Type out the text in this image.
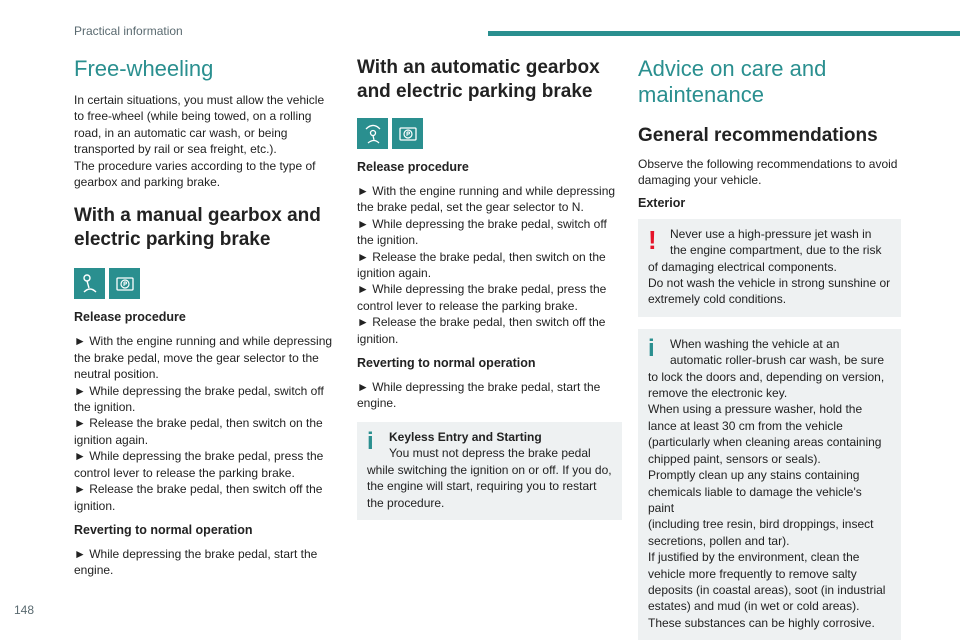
Practical information
148
Free-wheeling
In certain situations, you must allow the vehicle
to free-wheel (while being towed, on a rolling
road, in an automatic car wash, or being
transported by rail or sea freight, etc.).
The procedure varies according to the type of
gearbox and parking brake.
With a manual gearbox and
electric parking brake
Release procedure
► With the engine running and while depressing
the brake pedal, move the gear selector to the
neutral position.
► While depressing the brake pedal, switch off
the ignition.
► Release the brake pedal, then switch on the
ignition again.
► While depressing the brake pedal, press the
control lever to release the parking brake.
► Release the brake pedal, then switch off the
ignition.
Reverting to normal operation
► While depressing the brake pedal, start the
engine.
With an automatic gearbox
and electric parking brake
Release procedure
► With the engine running and while depressing
the brake pedal, set the gear selector to N.
► While depressing the brake pedal, switch off
the ignition.
► Release the brake pedal, then switch on the
ignition again.
► While depressing the brake pedal, press the
control lever to release the parking brake.
► Release the brake pedal, then switch off the
ignition.
Reverting to normal operation
► While depressing the brake pedal, start the
engine.
i	Keyless Entry and Starting
You must not depress the brake pedal
while switching the ignition on or off. If you do,
the engine will start, requiring you to restart
the procedure.
Advice on care and
maintenance
General recommendations
Observe the following recommendations to avoid
damaging your vehicle.
Exterior
!	Never use a high-pressure jet wash in
the engine compartment, due to the risk
of damaging electrical components.
Do not wash the vehicle in strong sunshine or
extremely cold conditions.
i	When washing the vehicle at an
automatic roller-brush car wash, be sure
to lock the doors and, depending on version,
remove the electronic key.
When using a pressure washer, hold the
lance at least 30 cm from the vehicle
(particularly when cleaning areas containing
chipped paint, sensors or seals).
Promptly clean up any stains containing
chemicals liable to damage the vehicle's paint
(including tree resin, bird droppings, insect
secretions, pollen and tar).
If justified by the environment, clean the
vehicle more frequently to remove salty
deposits (in coastal areas), soot (in industrial
estates) and mud (in wet or cold areas).
These substances can be highly corrosive.
